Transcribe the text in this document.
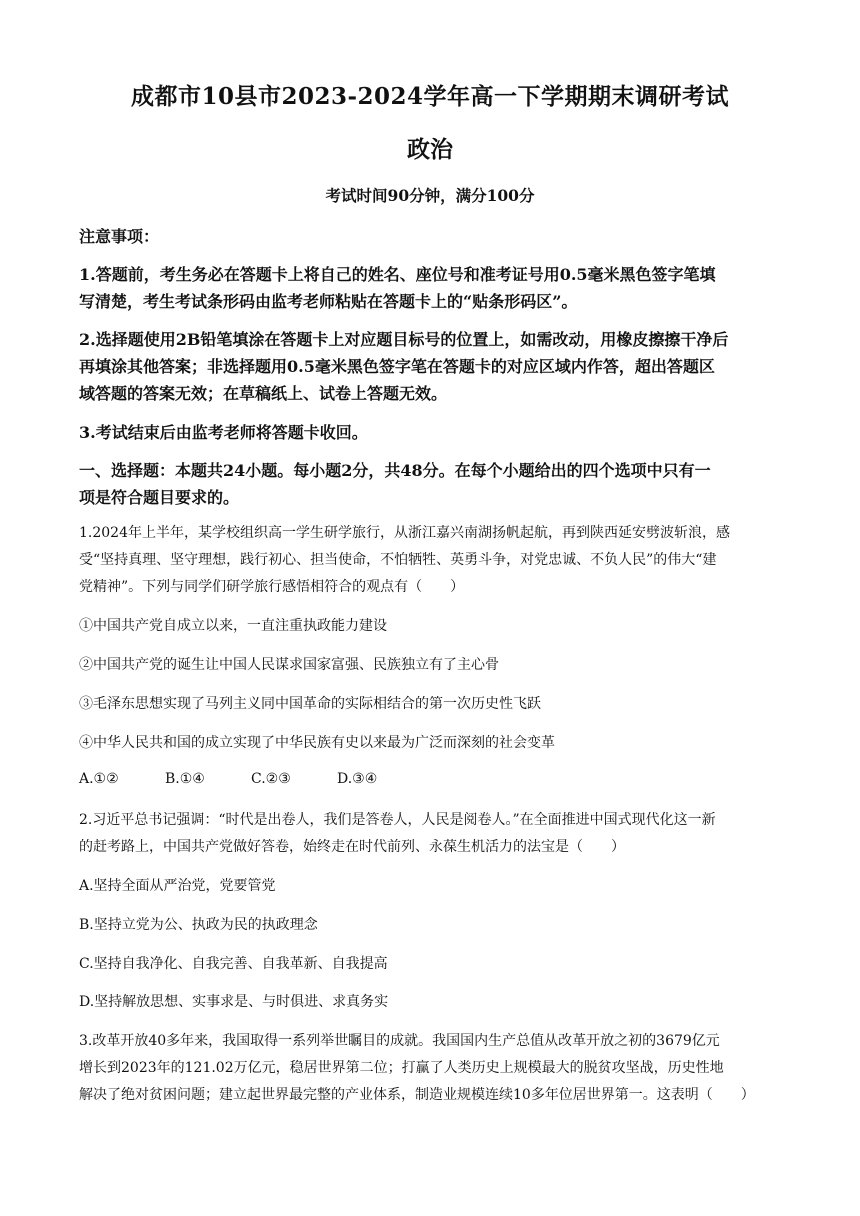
成都市10县市2023-2024学年高一下学期期末调研考试
政治
考试时间90分钟，满分100分
注意事项：
1.答题前，考生务必在答题卡上将自己的姓名、座位号和准考证号用0.5毫米黑色签字笔填
写清楚，考生考试条形码由监考老师粘贴在答题卡上的“贴条形码区”。
2.选择题使用2B铅笔填涂在答题卡上对应题目标号的位置上，如需改动，用橡皮擦擦干净后
再填涂其他答案；非选择题用0.5毫米黑色签字笔在答题卡的对应区域内作答，超出答题区
域答题的答案无效；在草稿纸上、试卷上答题无效。
3.考试结束后由监考老师将答题卡收回。
一、选择题：本题共24小题。每小题2分，共48分。在每个小题给出的四个选项中只有一
项是符合题目要求的。
1.2024年上半年，某学校组织高一学生研学旅行，从浙江嘉兴南湖扬帆起航，再到陕西延安劈波斩浪，感
受“坚持真理、坚守理想，践行初心、担当使命，不怕牺牲、英勇斗争，对党忠诚、不负人民”的伟大“建
党精神”。下列与同学们研学旅行感悟相符合的观点有（　　）
①中国共产党自成立以来，一直注重执政能力建设
②中国共产党的诞生让中国人民谋求国家富强、民族独立有了主心骨
③毛泽东思想实现了马列主义同中国革命的实际相结合的第一次历史性飞跃
④中华人民共和国的成立实现了中华民族有史以来最为广泛而深刻的社会变革
A.①②	B.①④	C.②③	D.③④
2.习近平总书记强调：“时代是出卷人，我们是答卷人，人民是阅卷人。”在全面推进中国式现代化这一新
的赶考路上，中国共产党做好答卷，始终走在时代前列、永葆生机活力的法宝是（　　）
A.坚持全面从严治党，党要管党
B.坚持立党为公、执政为民的执政理念
C.坚持自我净化、自我完善、自我革新、自我提高
D.坚持解放思想、实事求是、与时俱进、求真务实
3.改革开放40多年来，我国取得一系列举世瞩目的成就。我国国内生产总值从改革开放之初的3679亿元
增长到2023年的121.02万亿元，稳居世界第二位；打赢了人类历史上规模最大的脱贫攻坚战，历史性地
解决了绝对贫困问题；建立起世界最完整的产业体系，制造业规模连续10多年位居世界第一。这表明（　　）
